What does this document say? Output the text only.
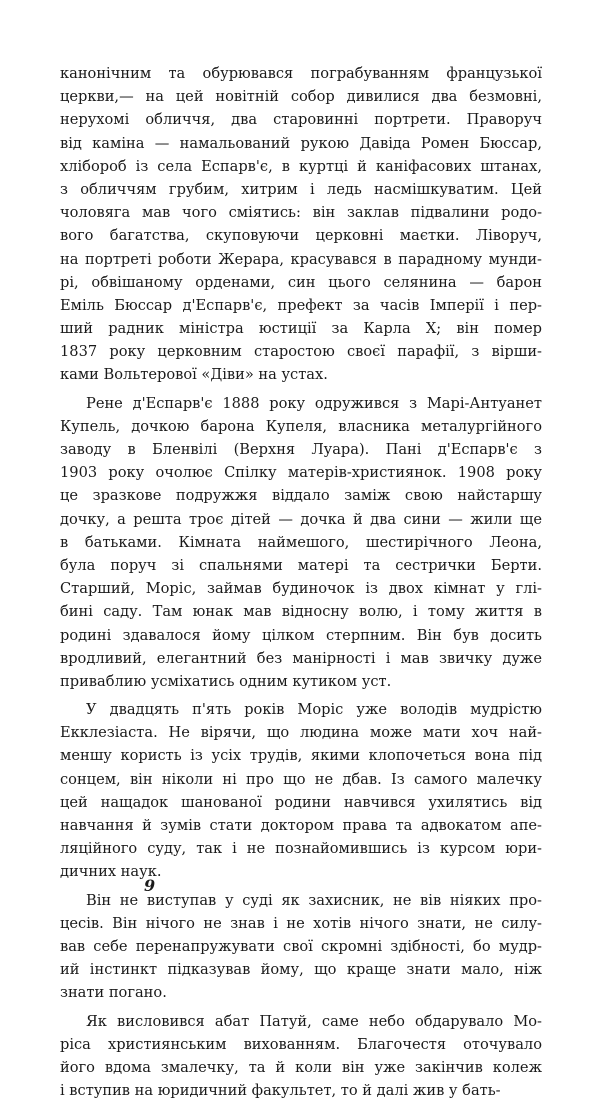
канонічним та обурювався пограбуванням французької
церкви,— на цей новітній собор дивилися два безмовні,
нерухомі обличчя, два старовинні портрети. Праворуч
від каміна — намальований рукою Давіда Ромен Бюссар,
хлібороб із села Еспарв'є, в куртці й каніфасових штанах,
з обличчям грубим, хитрим і ледь насмішкуватим. Цей
чоловяга мав чого сміятись: він заклав підвалини родо-
вого багатства, скуповуючи церковні маєтки. Ліворуч,
на портреті роботи Жерара, красувався в парадному мунди-
рі, обвішаному орденами, син цього селянина — барон
Еміль Бюссар д'Еспарв'є, префект за часів Імперії і пер-
ший радник міністра юстиції за Карла X; він помер
1837 року церковним старостою своєї парафії, з вірши-
ками Вольтерової «Діви» на устах.
Рене д'Еспарв'є 1888 року одружився з Марі-Антуанет
Купель, дочкою барона Купеля, власника металургійного
заводу в Бленвілі (Верхня Луара). Пані д'Еспарв'є з
1903 року очолює Спілку матерів-християнок. 1908 року
це зразкове подружжя віддало заміж свою найстаршу
дочку, а решта троє дітей — дочка й два сини — жили ще
в батьками. Кімната наймешого, шестирічного Леона,
була поруч зі спальнями матері та сестрички Берти.
Старший, Моріс, займав будиночок із двох кімнат у глі-
бині саду. Там юнак мав відносну волю, і тому життя в
родині здавалося йому цілком стерпним. Він був досить
вродливий, елегантний без манірності і мав звичку дуже
приваблию усміхатись одним кутиком уст.
У двадцять п'ять років Моріс уже володів мудрістю
Екклезіаста. Не вірячи, що людина може мати хоч най-
меншу користь із усіх трудів, якими клопочеться вона під
сонцем, він ніколи ні про що не дбав. Із самого малечку
цей нащадок шанованої родини навчився ухилятись від
навчання й зумів стати доктором права та адвокатом апе-
ляційного суду, так і не познайомившись із курсом юри-
дичних наук.
Він не виступав у суді як захисник, не вів ніяких про-
цесів. Він нічого не знав і не хотів нічого знати, не силу-
вав себе перенапружувати свої скромні здібності, бо мудр-
ий інстинкт підказував йому, що краще знати мало, ніж
знати погано.
Як висловився абат Патуй, саме небо обдарувало Мо-
ріса християнським вихованням. Благочестя оточувало
його вдома змалечку, та й коли він уже закінчив колеж
і вступив на юридичний факультет, то й далі жив у бать-
9
